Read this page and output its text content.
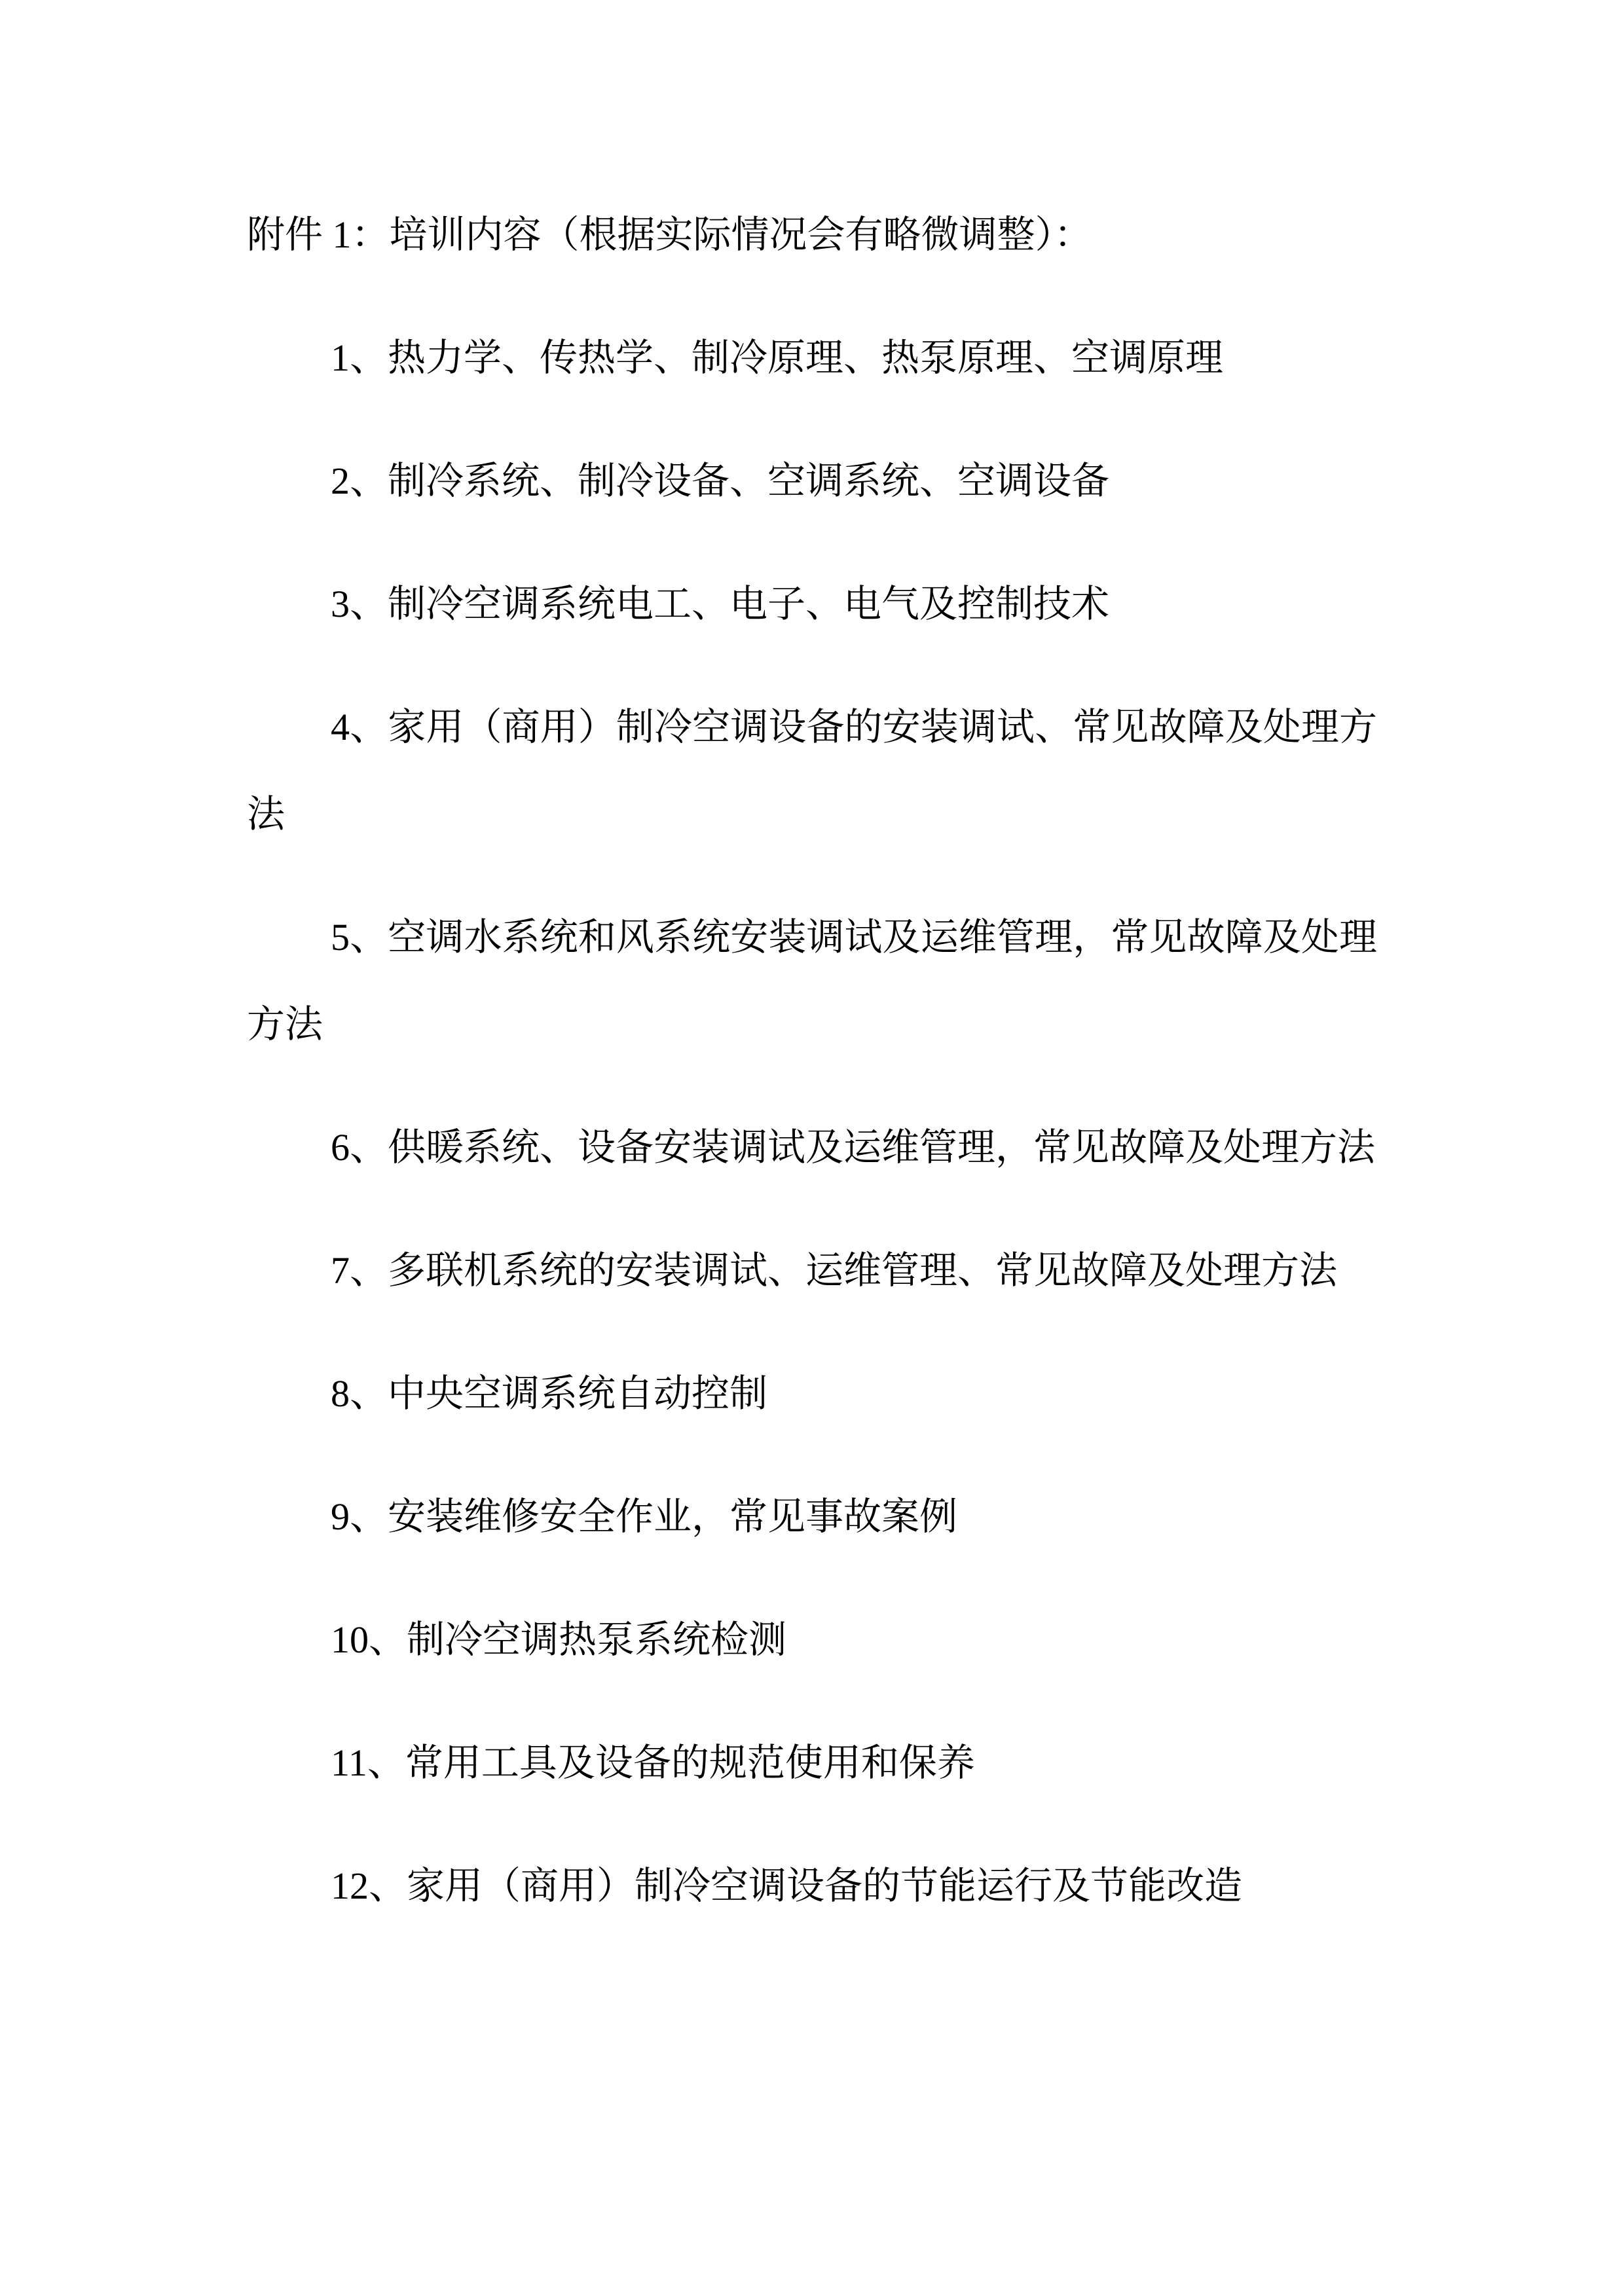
附件 1：培训内容（根据实际情况会有略微调整）：

1、热力学、传热学、制冷原理、热泵原理、空调原理

2、制冷系统、制冷设备、空调系统、空调设备

3、制冷空调系统电工、电子、电气及控制技术

4、家用（商用）制冷空调设备的安装调试、常见故障及处理方法

5、空调水系统和风系统安装调试及运维管理，常见故障及处理方法

6、供暖系统、设备安装调试及运维管理，常见故障及处理方法

7、多联机系统的安装调试、运维管理、常见故障及处理方法

8、中央空调系统自动控制

9、安装维修安全作业，常见事故案例

10、制冷空调热泵系统检测

11、常用工具及设备的规范使用和保养

12、家用（商用）制冷空调设备的节能运行及节能改造
